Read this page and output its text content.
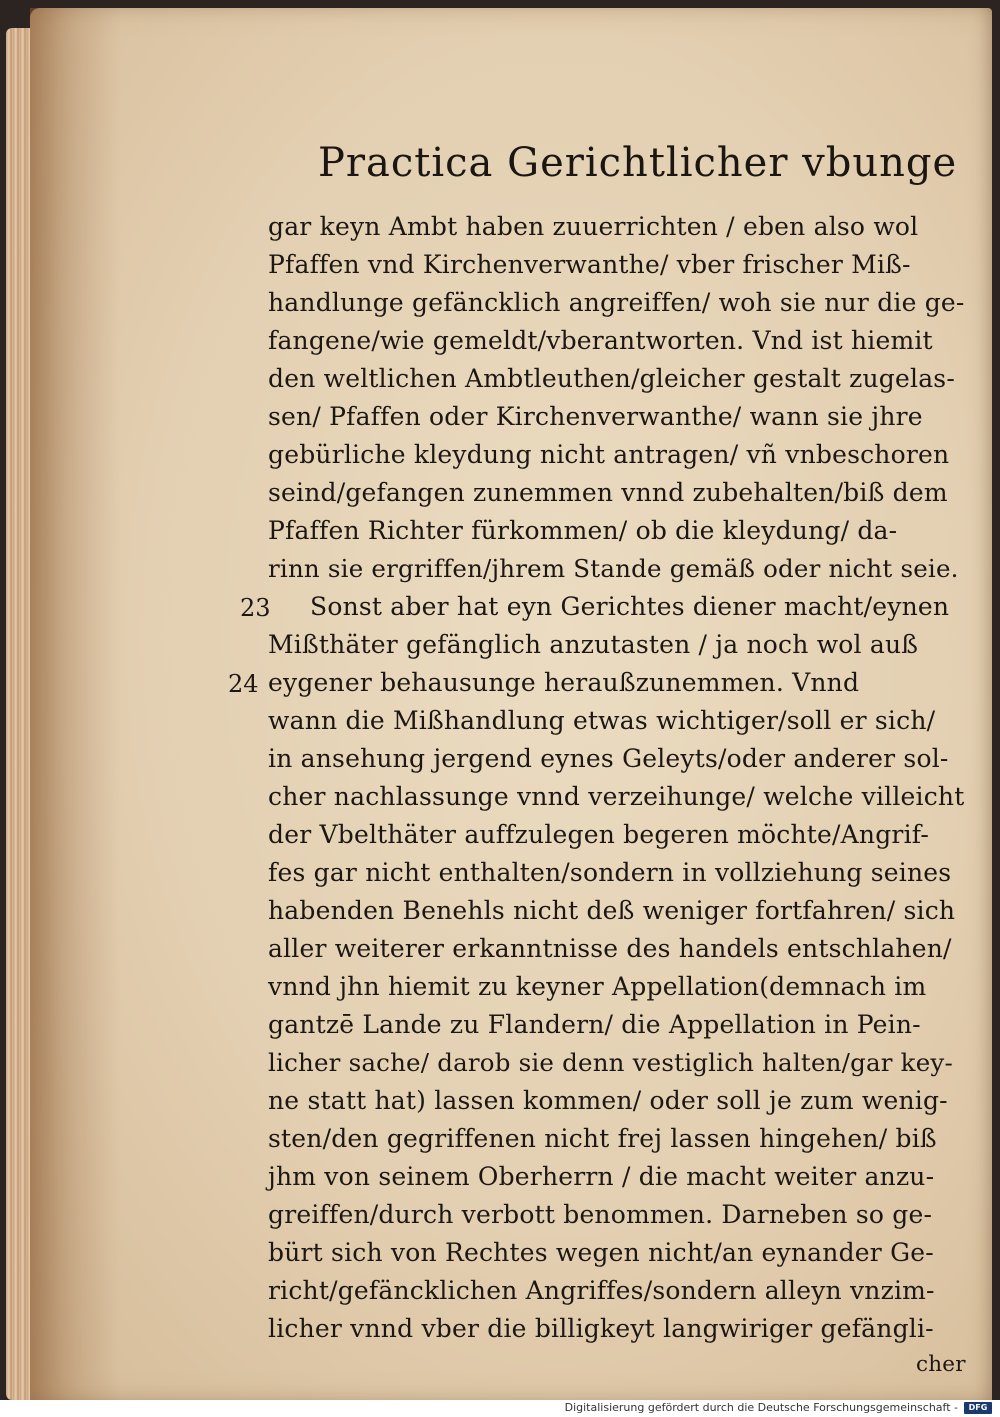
Practica Gerichtlicher vbunge
gar keyn Ambt haben zuuerrichten / eben also wol
Pfaffen vnd Kirchenverwanthe/ vber frischer Miß-
handlunge gefäncklich angreiffen/ woh sie nur die ge-
fangene/wie gemeldt/vberantworten. Vnd ist hiemit
den weltlichen Ambtleuthen/gleicher gestalt zugelas-
sen/ Pfaffen oder Kirchenverwanthe/ wann sie jhre
gebürliche kleydung nicht antragen/ vñ vnbeschoren
seind/gefangen zunemmen vnnd zubehalten/biß dem
Pfaffen Richter fürkommen/ ob die kleydung/ da-
rinn sie ergriffen/jhrem Stande gemäß oder nicht seie.
23 Sonst aber hat eyn Gerichtes diener macht/eynen
Mißthäter gefänglich anzutasten / ja noch wol auß
24 eygener behausunge heraußzunemmen. Vnnd
wann die Mißhandlung etwas wichtiger/soll er sich/
in ansehung jergend eynes Geleyts/oder anderer sol-
cher nachlassunge vnnd verzeihunge/ welche villeicht
der Vbelthäter auffzulegen begeren möchte/Angrif-
fes gar nicht enthalten/sondern in vollziehung seines
habenden Benehls nicht deß weniger fortfahren/ sich
aller weiterer erkanntnisse des handels entschlahen/
vnnd jhn hiemit zu keyner Appellation(demnach im
gantzē Lande zu Flandern/ die Appellation in Pein-
licher sache/ darob sie denn vestiglich halten/gar key-
ne statt hat) lassen kommen/ oder soll je zum wenig-
sten/den gegriffenen nicht frej lassen hingehen/ biß
jhm von seinem Oberherrn / die macht weiter anzu-
greiffen/durch verbott benommen. Darneben so ge-
bürt sich von Rechtes wegen nicht/an eynander Ge-
richt/gefäncklichen Angriffes/sondern alleyn vnzim-
licher vnnd vber die billigkeyt langwiriger gefängli-
cher
Digitalisierung gefördert durch die Deutsche Forschungsgemeinschaft -	DFG
